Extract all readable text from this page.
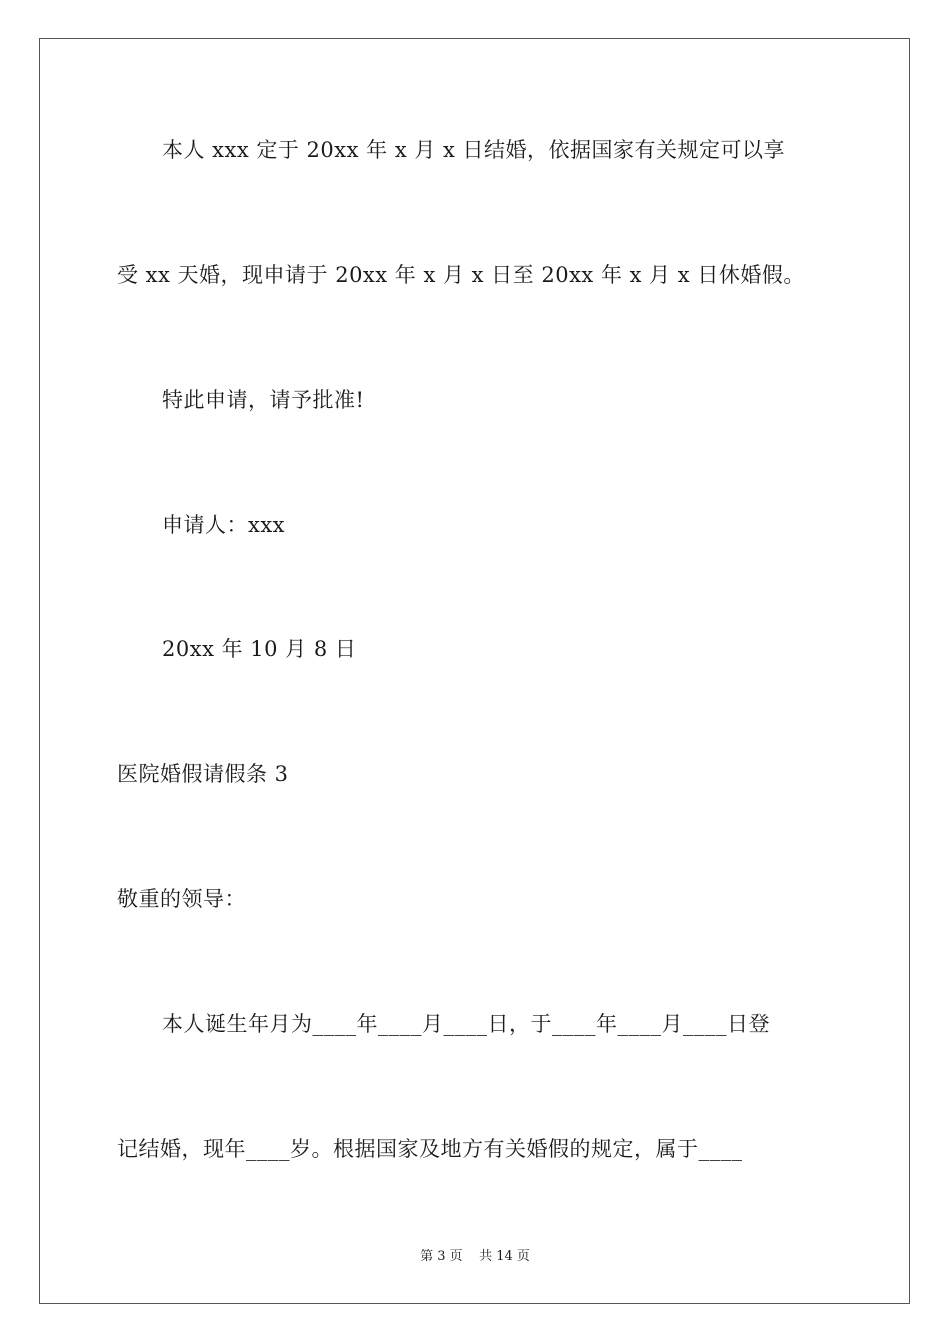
本人 xxx 定于 20xx 年 x 月 x 日结婚，依据国家有关规定可以享
受 xx 天婚，现申请于 20xx 年 x 月 x 日至 20xx 年 x 月 x 日休婚假。
特此申请，请予批准!
申请人：xxx
20xx 年 10 月 8 日
医院婚假请假条 3
敬重的领导：
本人诞生年月为____年____月____日，于____年____月____日登
记结婚，现年____岁。根据国家及地方有关婚假的规定，属于____
第 3 页    共 14 页
